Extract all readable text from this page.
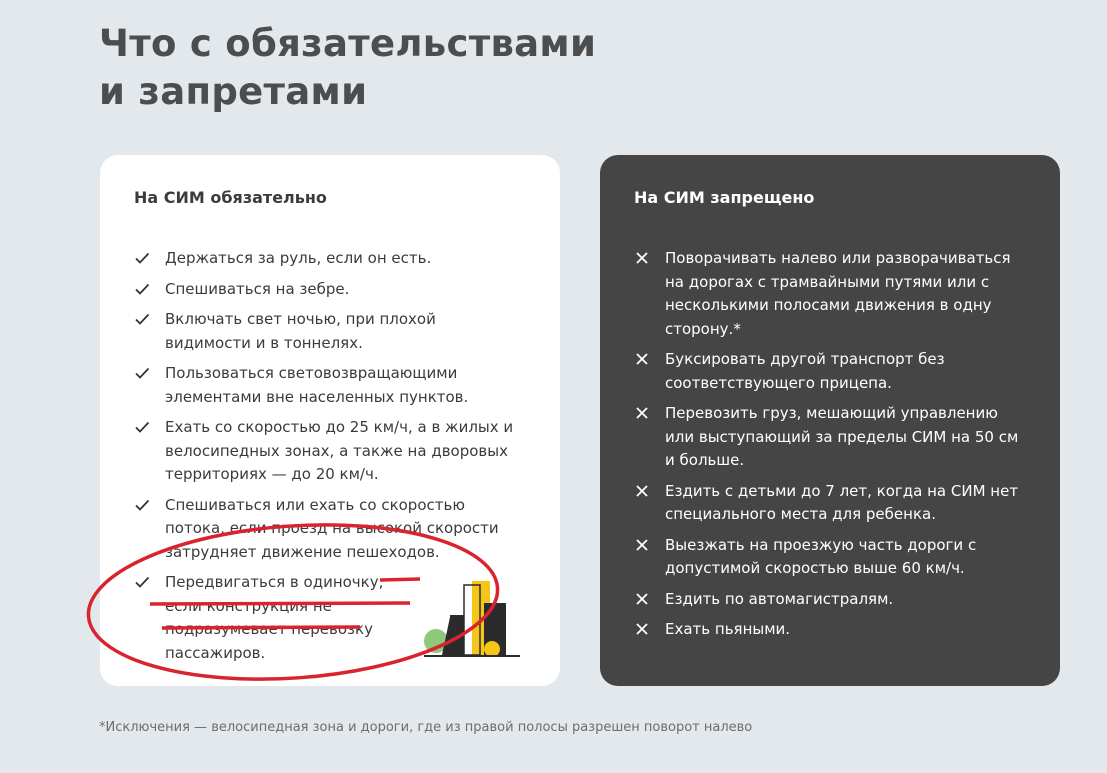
Что с обязательствами
и запретами
На СИМ обязательно
Держаться за руль, если он есть.
Спешиваться на зебре.
Включать свет ночью, при плохой видимости и в тоннелях.
Пользоваться световозвращающими элементами вне населенных пунктов.
Ехать со скоростью до 25 км/ч, а в жилых и велосипедных зонах, а также на дворовых территориях — до 20 км/ч.
Спешиваться или ехать со скоростью потока, если проезд на высокой скорости затрудняет движение пешеходов.
Передвигаться в одиночку, если конструкция не подразумевает перевозку пассажиров.
На СИМ запрещено
Поворачивать налево или разворачиваться на дорогах с трамвайными путями или с несколькими полосами движения в одну сторону.*
Буксировать другой транспорт без соответствующего прицепа.
Перевозить груз, мешающий управлению или выступающий за пределы СИМ на 50 см и больше.
Ездить с детьми до 7 лет, когда на СИМ нет специального места для ребенка.
Выезжать на проезжую часть дороги с допустимой скоростью выше 60 км/ч.
Ездить по автомагистралям.
Ехать пьяными.
*Исключения — велосипедная зона и дороги, где из правой полосы разрешен поворот налево
